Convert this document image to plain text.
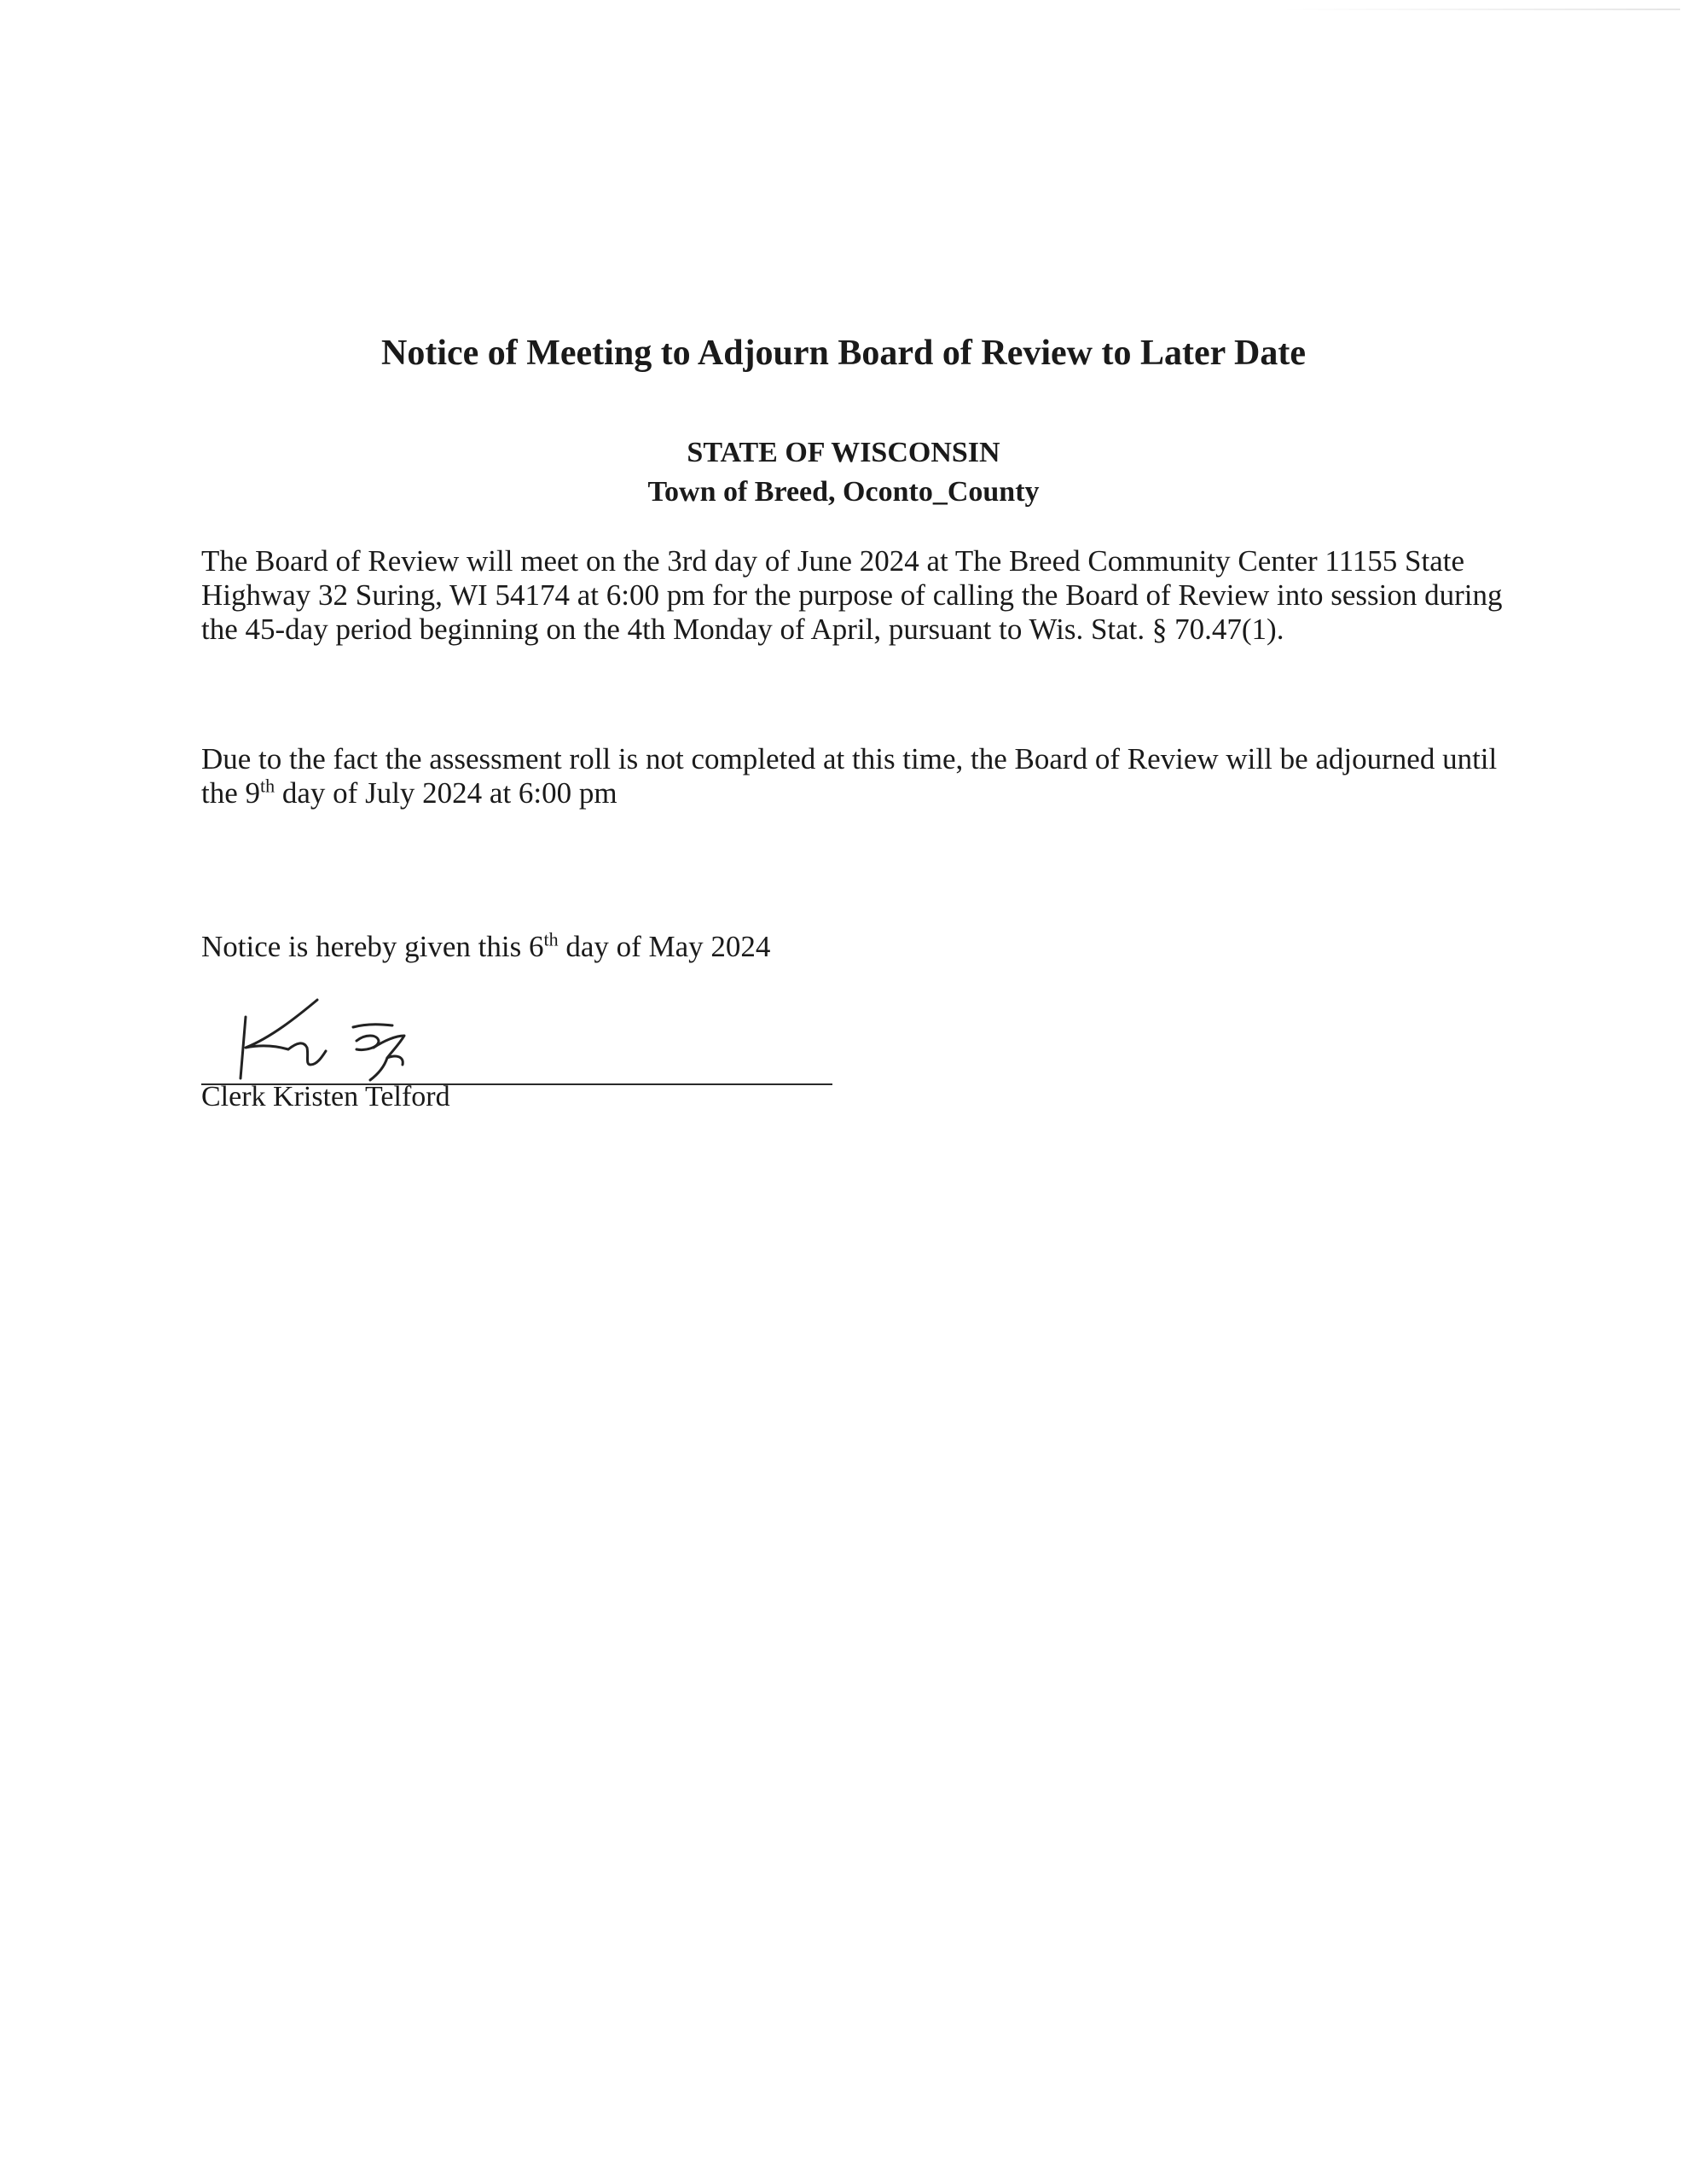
Notice of Meeting to Adjourn Board of Review to Later Date

STATE OF WISCONSIN

Town of Breed, Oconto_County

The Board of Review will meet on the 3rd day of June 2024 at The Breed Community Center 11155 State Highway 32 Suring, WI 54174 at 6:00 pm for the purpose of calling the Board of Review into session during the 45-day period beginning on the 4th Monday of April, pursuant to Wis. Stat. § 70.47(1).

Due to the fact the assessment roll is not completed at this time, the Board of Review will be adjourned until the 9th day of July 2024 at 6:00 pm

Notice is hereby given this 6th day of May 2024

Clerk Kristen Telford
